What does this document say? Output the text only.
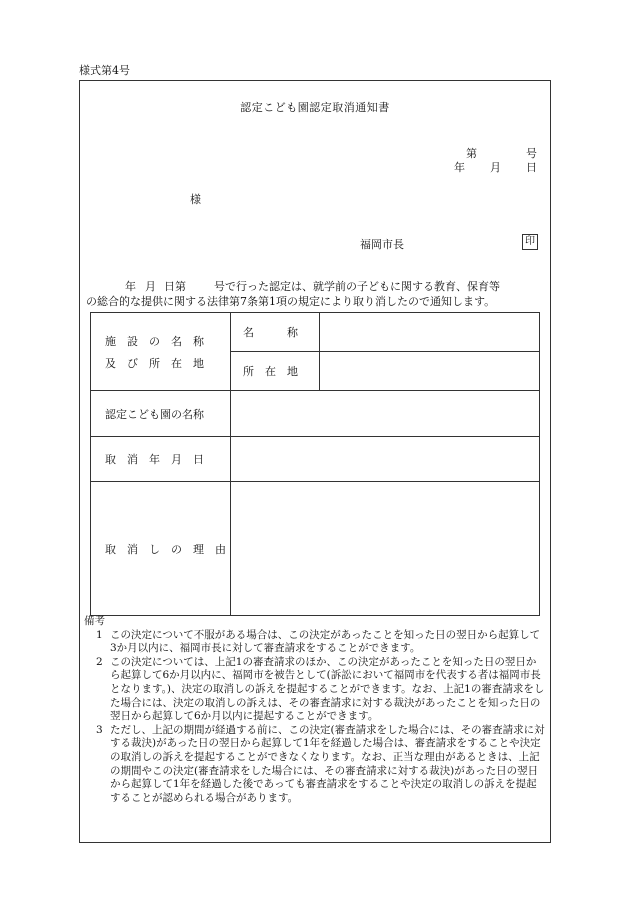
様式第4号
認定こども園認定取消通知書
第	号
年 月 日
様
福岡市長	印
年 月 日第	号で行った認定は、就学前の子どもに関する教育、保育等
の総合的な提供に関する法律第7条第1項の規定により取り消したので通知します。
施　設　の　名　称
及　び　所　在　地	名　　　称	
	所　在　地	
認定こども園の名称		
取　消　年　月　日		
取　消　し　の　理　由		
備考
1 この決定について不服がある場合は、この決定があったことを知った日の翌日から起算して3か月以内に、福岡市長に対して審査請求をすることができます。
2 この決定については、上記1の審査請求のほか、この決定があったことを知った日の翌日から起算して6か月以内に、福岡市を被告として(訴訟において福岡市を代表する者は福岡市長となります。)、決定の取消しの訴えを提起することができます。なお、上記1の審査請求をした場合には、決定の取消しの訴えは、その審査請求に対する裁決があったことを知った日の翌日から起算して6か月以内に提起することができます。
3 ただし、上記の期間が経過する前に、この決定(審査請求をした場合には、その審査請求に対する裁決)があった日の翌日から起算して1年を経過した場合は、審査請求をすることや決定の取消しの訴えを提起することができなくなります。なお、正当な理由があるときは、上記の期間やこの決定(審査請求をした場合には、その審査請求に対する裁決)があった日の翌日から起算して1年を経過した後であっても審査請求をすることや決定の取消しの訴えを提起することが認められる場合があります。
